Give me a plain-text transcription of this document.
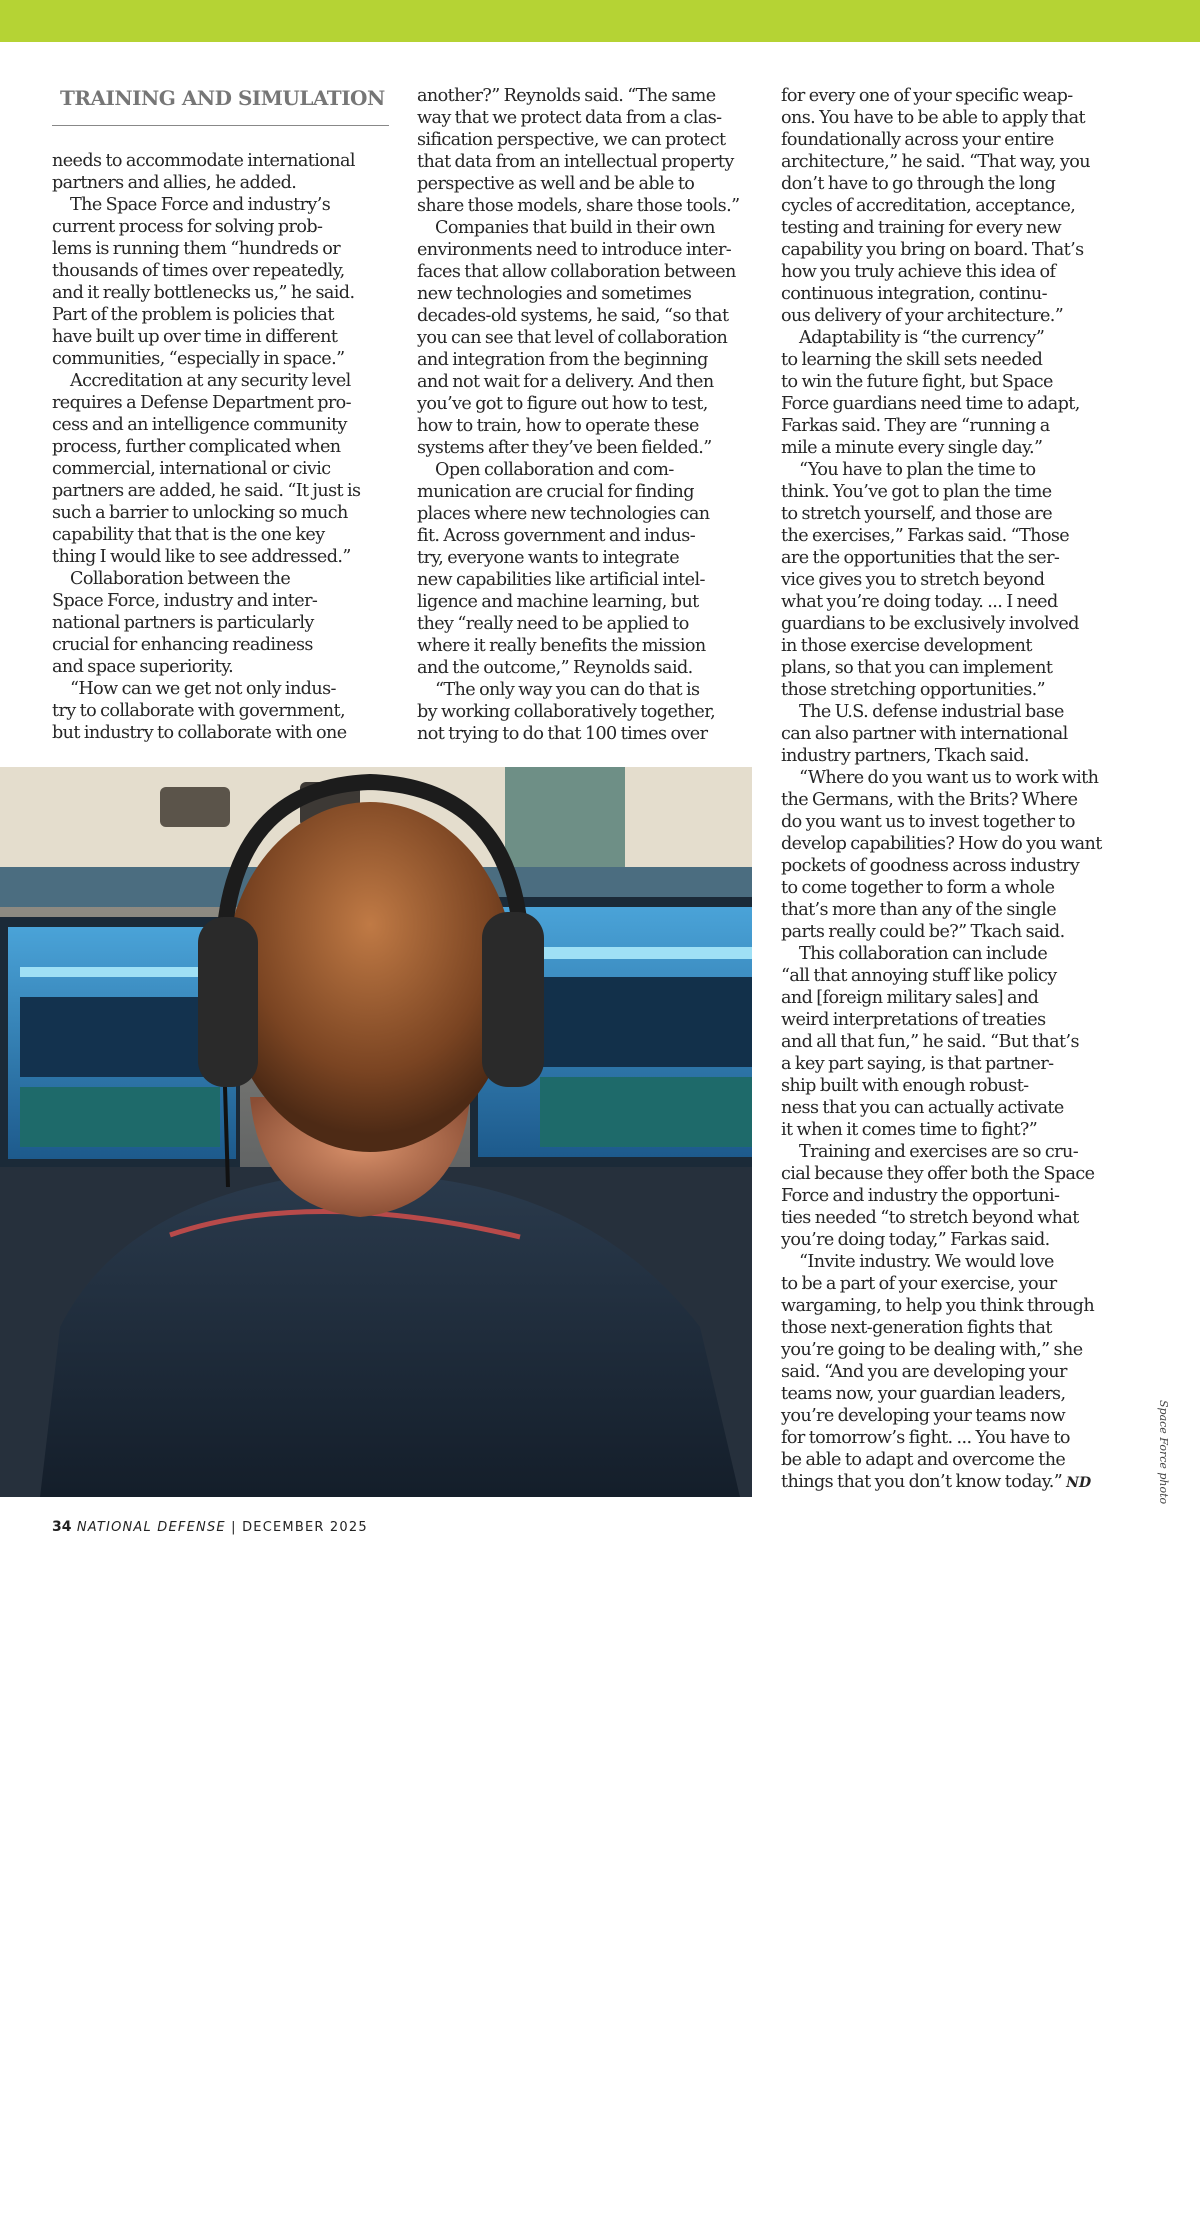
TRAINING AND SIMULATION
needs to accommodate international
partners and allies, he added.
The Space Force and industry’s
current process for solving prob-
lems is running them “hundreds or
thousands of times over repeatedly,
and it really bottlenecks us,” he said.
Part of the problem is policies that
have built up over time in different
communities, “especially in space.”
Accreditation at any security level
requires a Defense Department pro-
cess and an intelligence community
process, further complicated when
commercial, international or civic
partners are added, he said. “It just is
such a barrier to unlocking so much
capability that that is the one key
thing I would like to see addressed.”
Collaboration between the
Space Force, industry and inter-
national partners is particularly
crucial for enhancing readiness
and space superiority.
“How can we get not only indus-
try to collaborate with government,
but industry to collaborate with one
another?” Reynolds said. “The same
way that we protect data from a clas-
sification perspective, we can protect
that data from an intellectual property
perspective as well and be able to
share those models, share those tools.”
Companies that build in their own
environments need to introduce inter-
faces that allow collaboration between
new technologies and sometimes
decades-old systems, he said, “so that
you can see that level of collaboration
and integration from the beginning
and not wait for a delivery. And then
you’ve got to figure out how to test,
how to train, how to operate these
systems after they’ve been fielded.”
Open collaboration and com-
munication are crucial for finding
places where new technologies can
fit. Across government and indus-
try, everyone wants to integrate
new capabilities like artificial intel-
ligence and machine learning, but
they “really need to be applied to
where it really benefits the mission
and the outcome,” Reynolds said.
“The only way you can do that is
by working collaboratively together,
not trying to do that 100 times over
for every one of your specific weap-
ons. You have to be able to apply that
foundationally across your entire
architecture,” he said. “That way, you
don’t have to go through the long
cycles of accreditation, acceptance,
testing and training for every new
capability you bring on board. That’s
how you truly achieve this idea of
continuous integration, continu-
ous delivery of your architecture.”
Adaptability is “the currency”
to learning the skill sets needed
to win the future fight, but Space
Force guardians need time to adapt,
Farkas said. They are “running a
mile a minute every single day.”
“You have to plan the time to
think. You’ve got to plan the time
to stretch yourself, and those are
the exercises,” Farkas said. “Those
are the opportunities that the ser-
vice gives you to stretch beyond
what you’re doing today. ... I need
guardians to be exclusively involved
in those exercise development
plans, so that you can implement
those stretching opportunities.”
The U.S. defense industrial base
can also partner with international
industry partners, Tkach said.
“Where do you want us to work with
the Germans, with the Brits? Where
do you want us to invest together to
develop capabilities? How do you want
pockets of goodness across industry
to come together to form a whole
that’s more than any of the single
parts really could be?” Tkach said.
This collaboration can include
“all that annoying stuff like policy
and [foreign military sales] and
weird interpretations of treaties
and all that fun,” he said. “But that’s
a key part saying, is that partner-
ship built with enough robust-
ness that you can actually activate
it when it comes time to fight?”
Training and exercises are so cru-
cial because they offer both the Space
Force and industry the opportuni-
ties needed “to stretch beyond what
you’re doing today,” Farkas said.
“Invite industry. We would love
to be a part of your exercise, your
wargaming, to help you think through
those next-generation fights that
you’re going to be dealing with,” she
said. “And you are developing your
teams now, your guardian leaders,
you’re developing your teams now
for tomorrow’s fight. ... You have to
be able to adapt and overcome the
things that you don’t know today.” ND
A civilian member assigned to the 25th Space
Range Squadron conducts range control opera-
tions during exercise Resolute Space 2025.
Space Force photo
34 NATIONAL DEFENSE | DECEMBER 2025
